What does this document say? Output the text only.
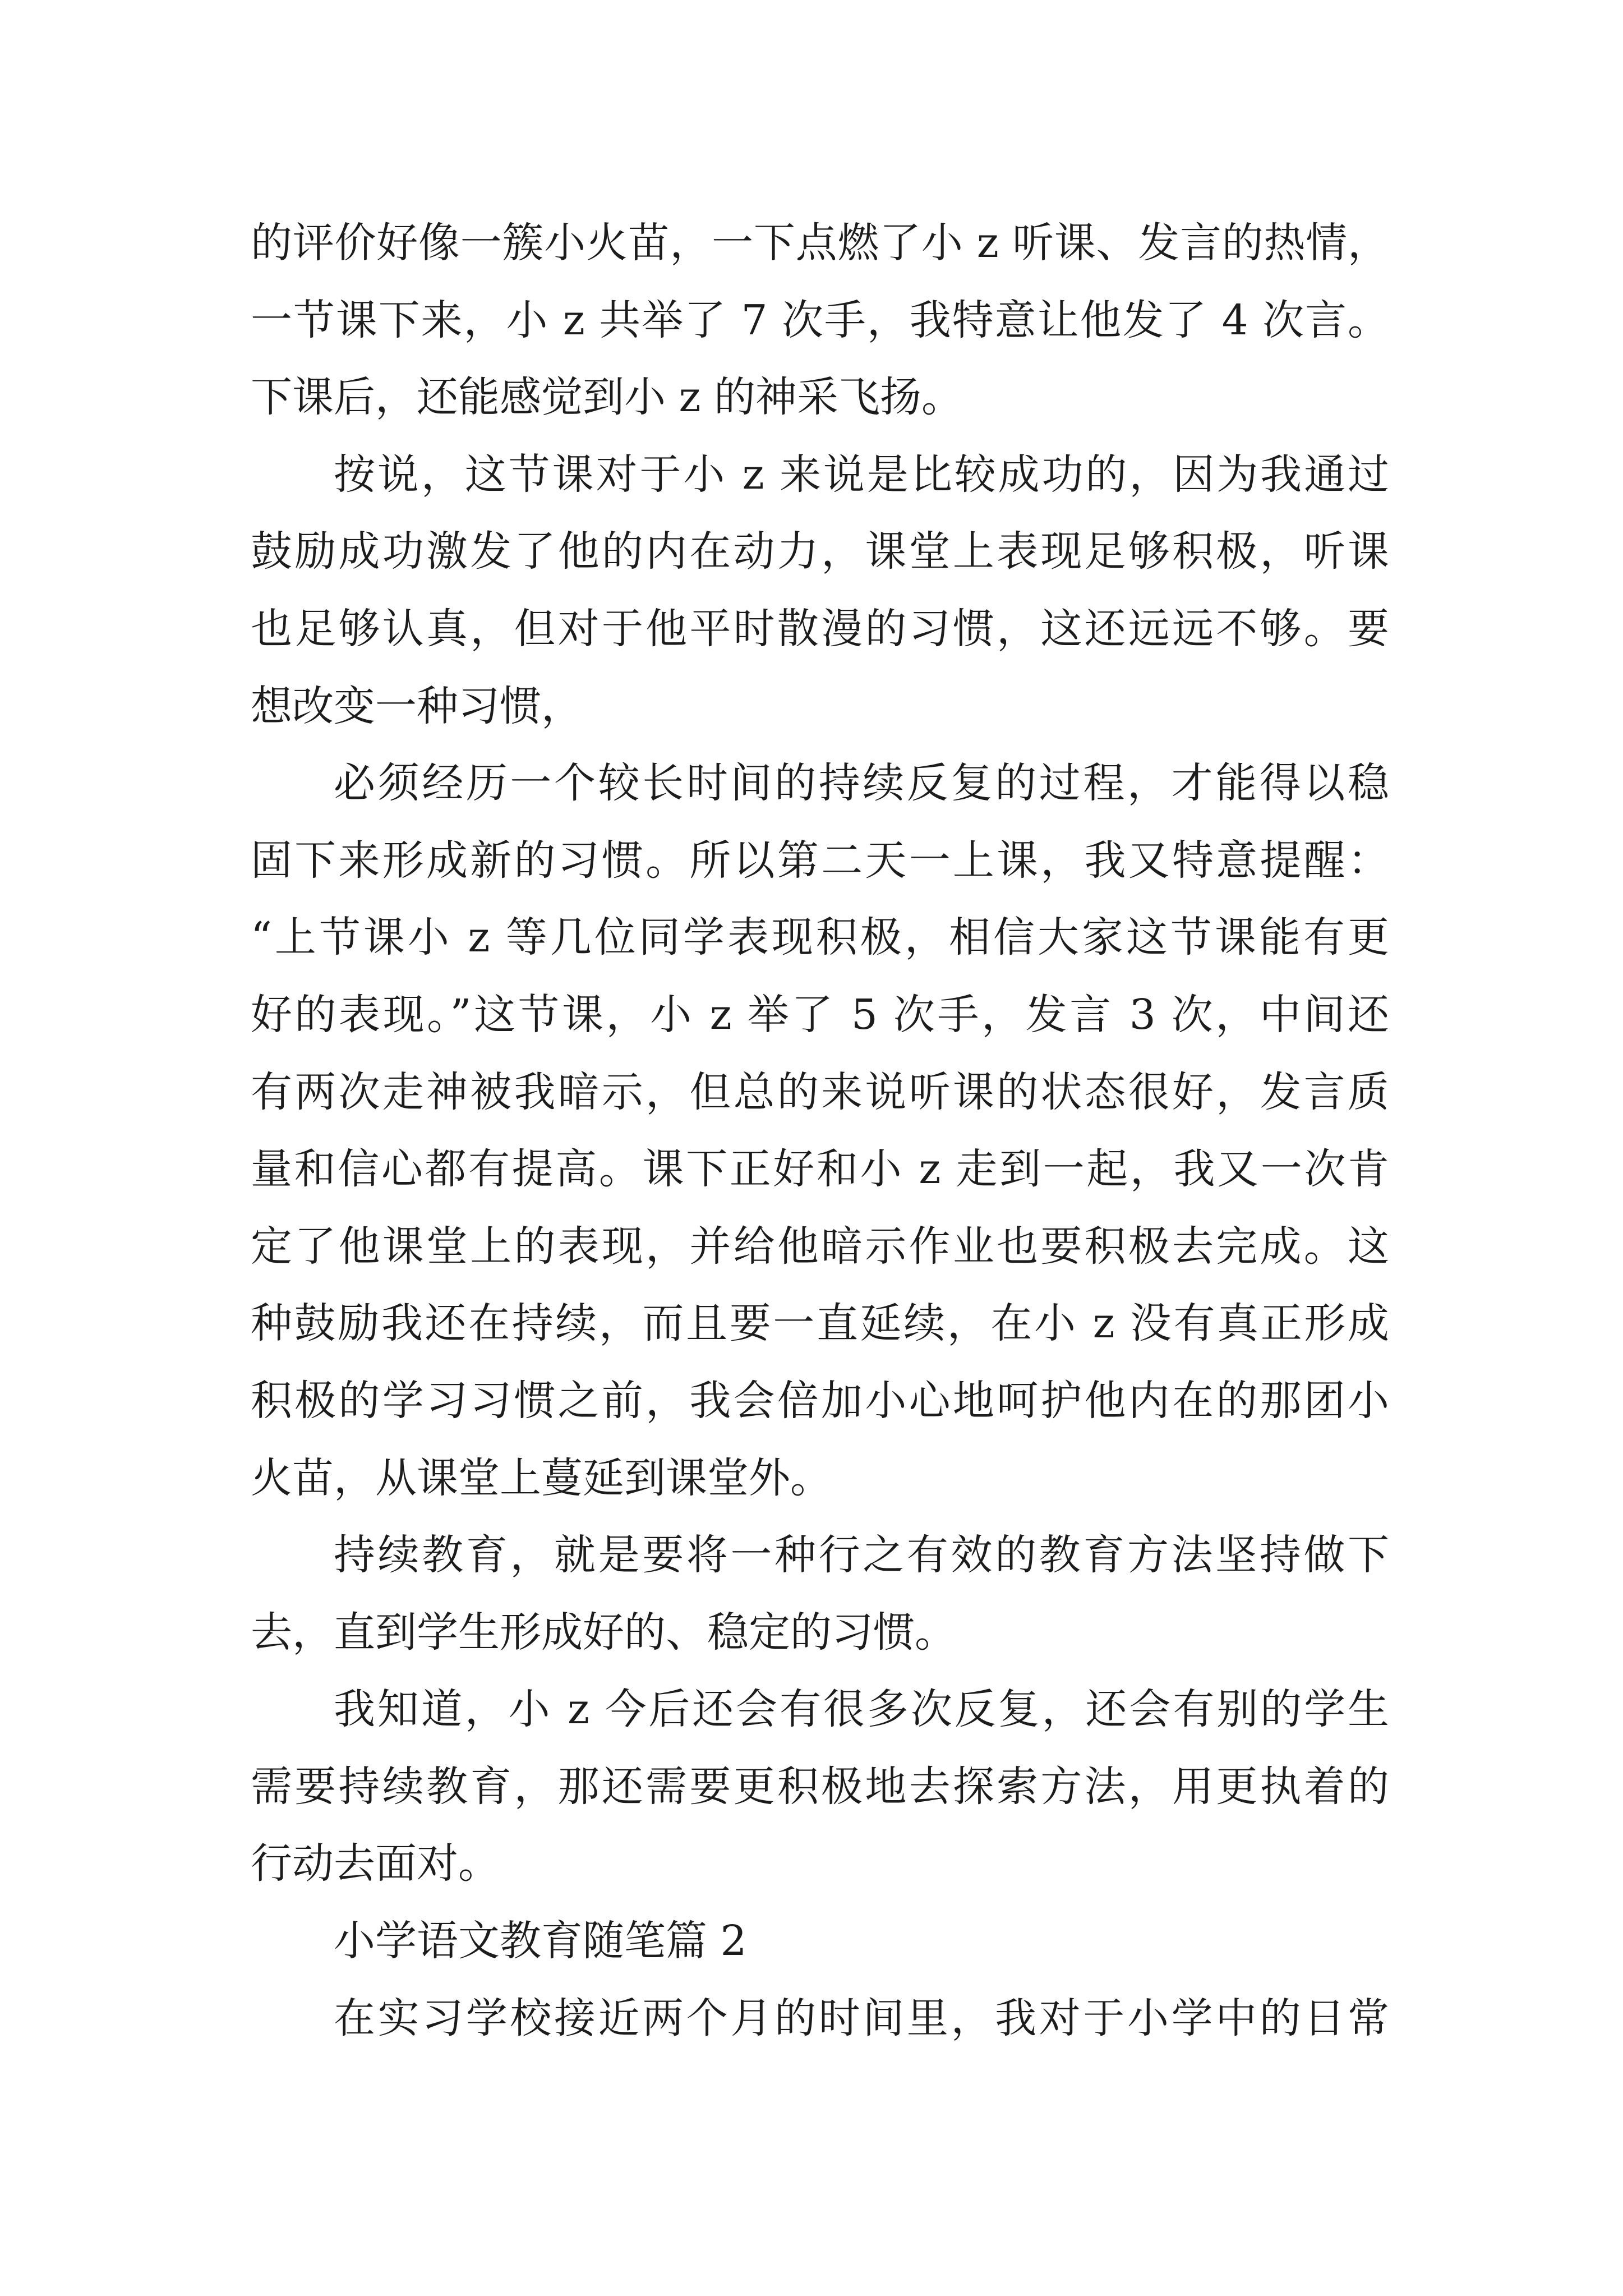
的评价好像一簇小火苗，一下点燃了小 z 听课、发言的热情，
一节课下来，小 z 共举了 7 次手，我特意让他发了 4 次言。
下课后，还能感觉到小 z 的神采飞扬。
按说，这节课对于小 z 来说是比较成功的，因为我通过
鼓励成功激发了他的内在动力，课堂上表现足够积极，听课
也足够认真，但对于他平时散漫的习惯，这还远远不够。要
想改变一种习惯，
必须经历一个较长时间的持续反复的过程，才能得以稳
固下来形成新的习惯。所以第二天一上课，我又特意提醒：
“上节课小 z 等几位同学表现积极，相信大家这节课能有更
好的表现。”这节课，小 z 举了 5 次手，发言 3 次，中间还
有两次走神被我暗示，但总的来说听课的状态很好，发言质
量和信心都有提高。课下正好和小 z 走到一起，我又一次肯
定了他课堂上的表现，并给他暗示作业也要积极去完成。这
种鼓励我还在持续，而且要一直延续，在小 z 没有真正形成
积极的学习习惯之前，我会倍加小心地呵护他内在的那团小
火苗，从课堂上蔓延到课堂外。
持续教育，就是要将一种行之有效的教育方法坚持做下
去，直到学生形成好的、稳定的习惯。
我知道，小 z 今后还会有很多次反复，还会有别的学生
需要持续教育，那还需要更积极地去探索方法，用更执着的
行动去面对。
小学语文教育随笔篇 2
在实习学校接近两个月的时间里，我对于小学中的日常
